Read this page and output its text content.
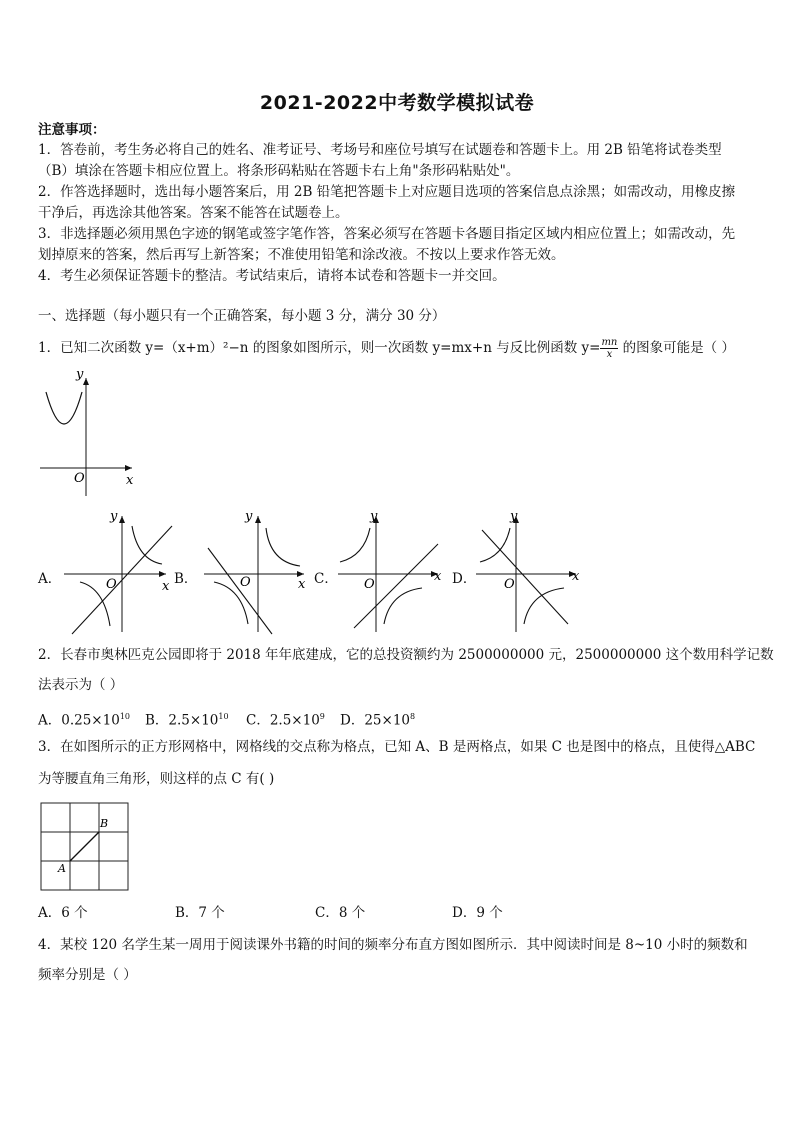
2021-2022中考数学模拟试卷
注意事项：
1．答卷前，考生务必将自己的姓名、准考证号、考场号和座位号填写在试题卷和答题卡上。用 2B 铅笔将试卷类型
（B）填涂在答题卡相应位置上。将条形码粘贴在答题卡右上角"条形码粘贴处"。
2．作答选择题时，选出每小题答案后，用 2B 铅笔把答题卡上对应题目选项的答案信息点涂黑；如需改动，用橡皮擦
干净后，再选涂其他答案。答案不能答在试题卷上。
3．非选择题必须用黑色字迹的钢笔或签字笔作答，答案必须写在答题卡各题目指定区域内相应位置上；如需改动，先
划掉原来的答案，然后再写上新答案；不准使用铅笔和涂改液。不按以上要求作答无效。
4．考生必须保证答题卡的整洁。考试结束后，请将本试卷和答题卡一并交回。
一、选择题（每小题只有一个正确答案，每小题 3 分，满分 30 分）
1．已知二次函数 y=（x+m）²−n 的图象如图所示，则一次函数 y=mx+n 与反比例函数 $y= \frac{mn}{x}$ 的图象可能是（ ）
y
x
O
A．
y
x
O	B．
y
x
O	C．
y
x
O	D．
y
x
O
2．长春市奥林匹克公园即将于 2018 年年底建成，它的总投资额约为 2500000000 元，2500000000 这个数用科学记数
法表示为（ ）
A．$0.25\times 10^{10}$ B．$2.5\times 10^{10}$ C．$2.5\times 10^9$ D．$25\times 10^8$
3．在如图所示的正方形网格中，网格线的交点称为格点，已知 A、B 是两格点，如果 C 也是图中的格点，且使得△ABC
为等腰直角三角形，则这样的点 C 有( )
B
A
A．6 个	B．7 个	C．8 个	D．9 个
4．某校 120 名学生某一周用于阅读课外书籍的时间的频率分布直方图如图所示．其中阅读时间是 8~10 小时的频数和
频率分别是（ ）
